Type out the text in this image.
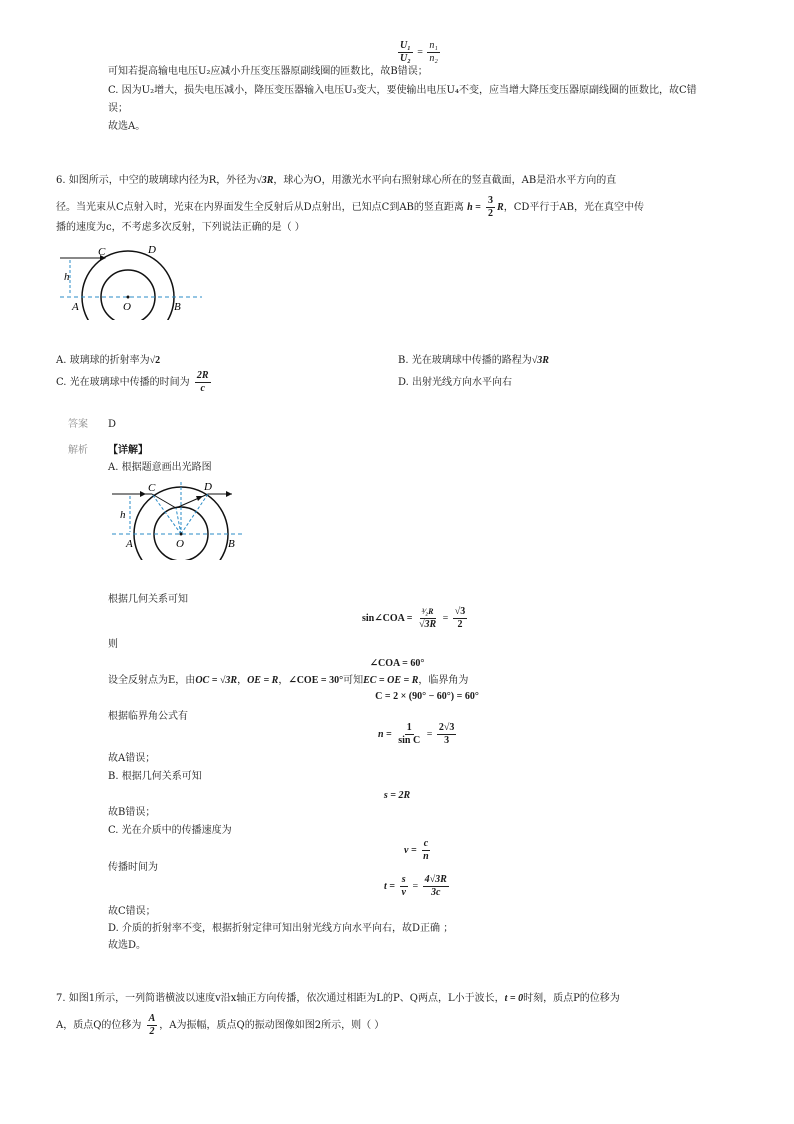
$\frac{\text{U₁}}{\text{U₂}} = \frac{\text{n₁}}{\text{n₂}}$
可知若提高输电电压U₂应减小升压变压器原副线圈的匝数比，故B错误；
C. 因为U₂增大，损失电压减小，降压变压器输入电压U₃变大，要使输出电压U₄不变，应当增大降压变压器原副线圈的匝数比，故C错
误；
故选A。
6. 如图所示，中空的玻璃球内径为R，外径为√3R，球心为O，用激光水平向右照射球心所在的竖直截面，AB是沿水平方向的直
径。当光束从C点射入时，光束在内界面发生全反射后从D点射出，已知点C到AB的竖直距离 $h = \frac{3}{2}$ R，CD平行于AB，光在真空中传
播的速度为c，不考虑多次反射，下列说法正确的是（ ）
C	D
h
A	O	B
A. 玻璃球的折射率为√2	B. 光在玻璃球中传播的路程为√3R
C. 光在玻璃球中传播的时间为 $\frac{2R}{c}$	D. 出射光线方向水平向右
答案 D
解析 【详解】
A. 根据题意画出光路图
C	D
h
A	O	B
根据几何关系可知
sin∠COA = $\frac{\text{³⁄₂R}}{√3R} = \frac{√3}{2}$
则
∠COA = 60°
设全反射点为E，由OC = √3R，OE = R，∠COE = 30°可知EC = OE = R，临界角为
C = 2 × (90° − 60°) = 60°
根据临界角公式有
$n = \frac{1}{\text{sin C}} = \frac{2√3}{3}$
故A错误；
B. 根据几何关系可知
s = 2R
故B错误；
C. 光在介质中的传播速度为
$v = \frac{c}{n}$
传播时间为
$t = \frac{s}{v} = \frac{4√3R}{3c}$
故C错误；
D. 介质的折射率不变，根据折射定律可知出射光线方向水平向右，故D正确 ；
故选D。
7. 如图1所示，一列简谐横波以速度v沿x轴正方向传播，依次通过相距为L的P、Q两点，L小于波长，t = 0时刻，质点P的位移为
A，质点Q的位移为 $\frac{A}{2}$ ，A为振幅，质点Q的振动图像如图2所示，则（ ）
